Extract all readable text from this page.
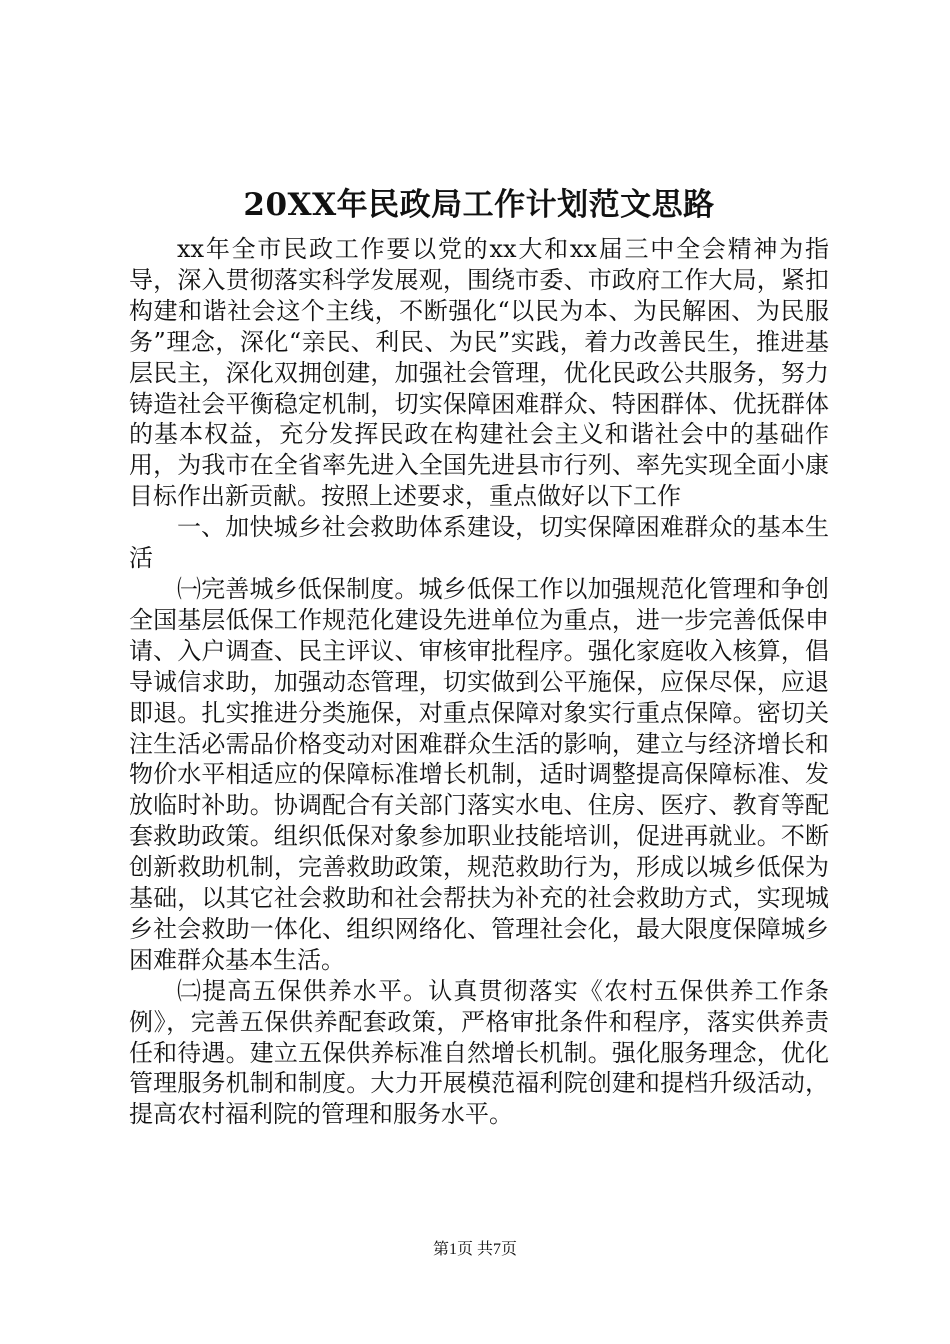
20XX年民政局工作计划范文思路

xx年全市民政工作要以党的xx大和xx届三中全会精神为指导，深入贯彻落实科学发展观，围绕市委、市政府工作大局，紧扣构建和谐社会这个主线，不断强化“以民为本、为民解困、为民服务”理念，深化“亲民、利民、为民”实践，着力改善民生，推进基层民主，深化双拥创建，加强社会管理，优化民政公共服务，努力铸造社会平衡稳定机制，切实保障困难群众、特困群体、优抚群体的基本权益，充分发挥民政在构建社会主义和谐社会中的基础作用，为我市在全省率先进入全国先进县市行列、率先实现全面小康目标作出新贡献。按照上述要求，重点做好以下工作

一、加快城乡社会救助体系建设，切实保障困难群众的基本生活

㈠完善城乡低保制度。城乡低保工作以加强规范化管理和争创全国基层低保工作规范化建设先进单位为重点，进一步完善低保申请、入户调查、民主评议、审核审批程序。强化家庭收入核算，倡导诚信求助，加强动态管理，切实做到公平施保，应保尽保，应退即退。扎实推进分类施保，对重点保障对象实行重点保障。密切关注生活必需品价格变动对困难群众生活的影响，建立与经济增长和物价水平相适应的保障标准增长机制，适时调整提高保障标准、发放临时补助。协调配合有关部门落实水电、住房、医疗、教育等配套救助政策。组织低保对象参加职业技能培训，促进再就业。不断创新救助机制，完善救助政策，规范救助行为，形成以城乡低保为基础，以其它社会救助和社会帮扶为补充的社会救助方式，实现城乡社会救助一体化、组织网络化、管理社会化，最大限度保障城乡困难群众基本生活。

㈡提高五保供养水平。认真贯彻落实《农村五保供养工作条例》，完善五保供养配套政策，严格审批条件和程序，落实供养责任和待遇。建立五保供养标准自然增长机制。强化服务理念，优化管理服务机制和制度。大力开展模范福利院创建和提档升级活动，提高农村福利院的管理和服务水平。

第1页 共7页
